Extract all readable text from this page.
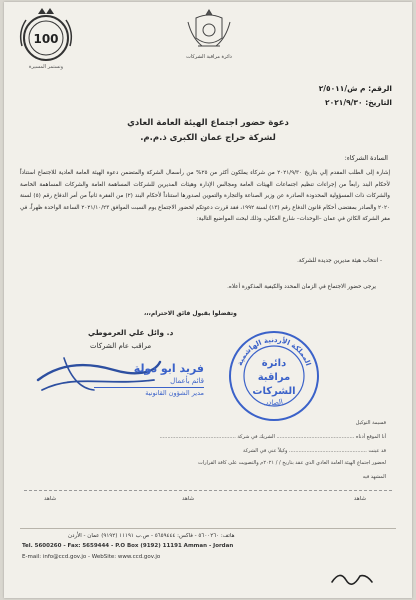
100
ونستمر المسيرة
دائرة مراقبة الشركات
الرقم: م ش/٢/٥٠١١
التاريخ: ٢٠٢١/٩/٣٠
دعوة حضور اجتماع الهيئة العامة العادي
لشركة حراج عمان الكبرى ذ.م.م.
السادة الشركاء:
إشارة إلى الطلب المقدم إلي بتاريخ ٢٠٢١/٩/٣٠ من شركاء يملكون أكثر من ٢٥% من رأسمال الشركة والمتضمن دعوة الهيئة العامة العادية للاجتماع استناداً لأحكام البند رابعاً من إجراءات تنظيم اجتماعات الهيئات العامة ومجالس الإدارة وهيئات المديرين للشركات المساهمة العامة والشركات المساهمة الخاصة والشركات ذات المسؤولية المحدودة الصادرة عن وزير الصناعة والتجارة والتموين لصدورها استناداً لأحكام البند (٢) من الفقرة ثانياً من أمر الدفاع رقم (٥) لسنة ٢٠٢٠ والصادر بمقتضى أحكام قانون الدفاع رقم (١٣) لسنة ١٩٩٢، فقد قررت دعوتكم لحضور الاجتماع يوم السبت الموافق ٢٠٢١/١٠/٢٣ الساعة الواحدة ظهراً، في مقر الشركة الكائن في عمان –الوحدات– شارع العكلي، وذلك لبحث المواضيع التالية:
- انتخاب هيئة مديرين جديدة للشركة.
يرجى حضور الاجتماع في الزمان المحدد والكيفية المذكورة أعلاه.
وتفضلوا بقبول فائق الاحترام،،،
د. وائل علي العرموطي
مراقب عام الشركات
فريد ابو دولة
قائم بأعمال
مدير الشؤون القانونية
المملكة الأردنية الهاشمية
الصادر
دائرة
مراقبة
الشركات
قسيمة التوكيل
أنا الموقع أدناه ................................................. الشريك في شركة ................................................
قد عينت ................................................. وكيلاً عني في الشركة
لحضور اجتماع الهيئة العامة العادي الذي عقد بتاريخ / / ٢٠٢١م والتصويت على كافة القرارات
المشهد فيه
شاهد
شاهد
شاهد
هاتف: ٥٦٠٠٢٦٠ - فاكس: ٥٦٥٩٤٤٤ - ص.ب ١١١٩١ (٩١٩٢) عمان - الأردن
Tel. 5600260 - Fax: 5659444 - P.O Box (9192) 11191 Amman - Jordan
E-mail: info@ccd.gov.jo - WebSite: www.ccd.gov.jo
